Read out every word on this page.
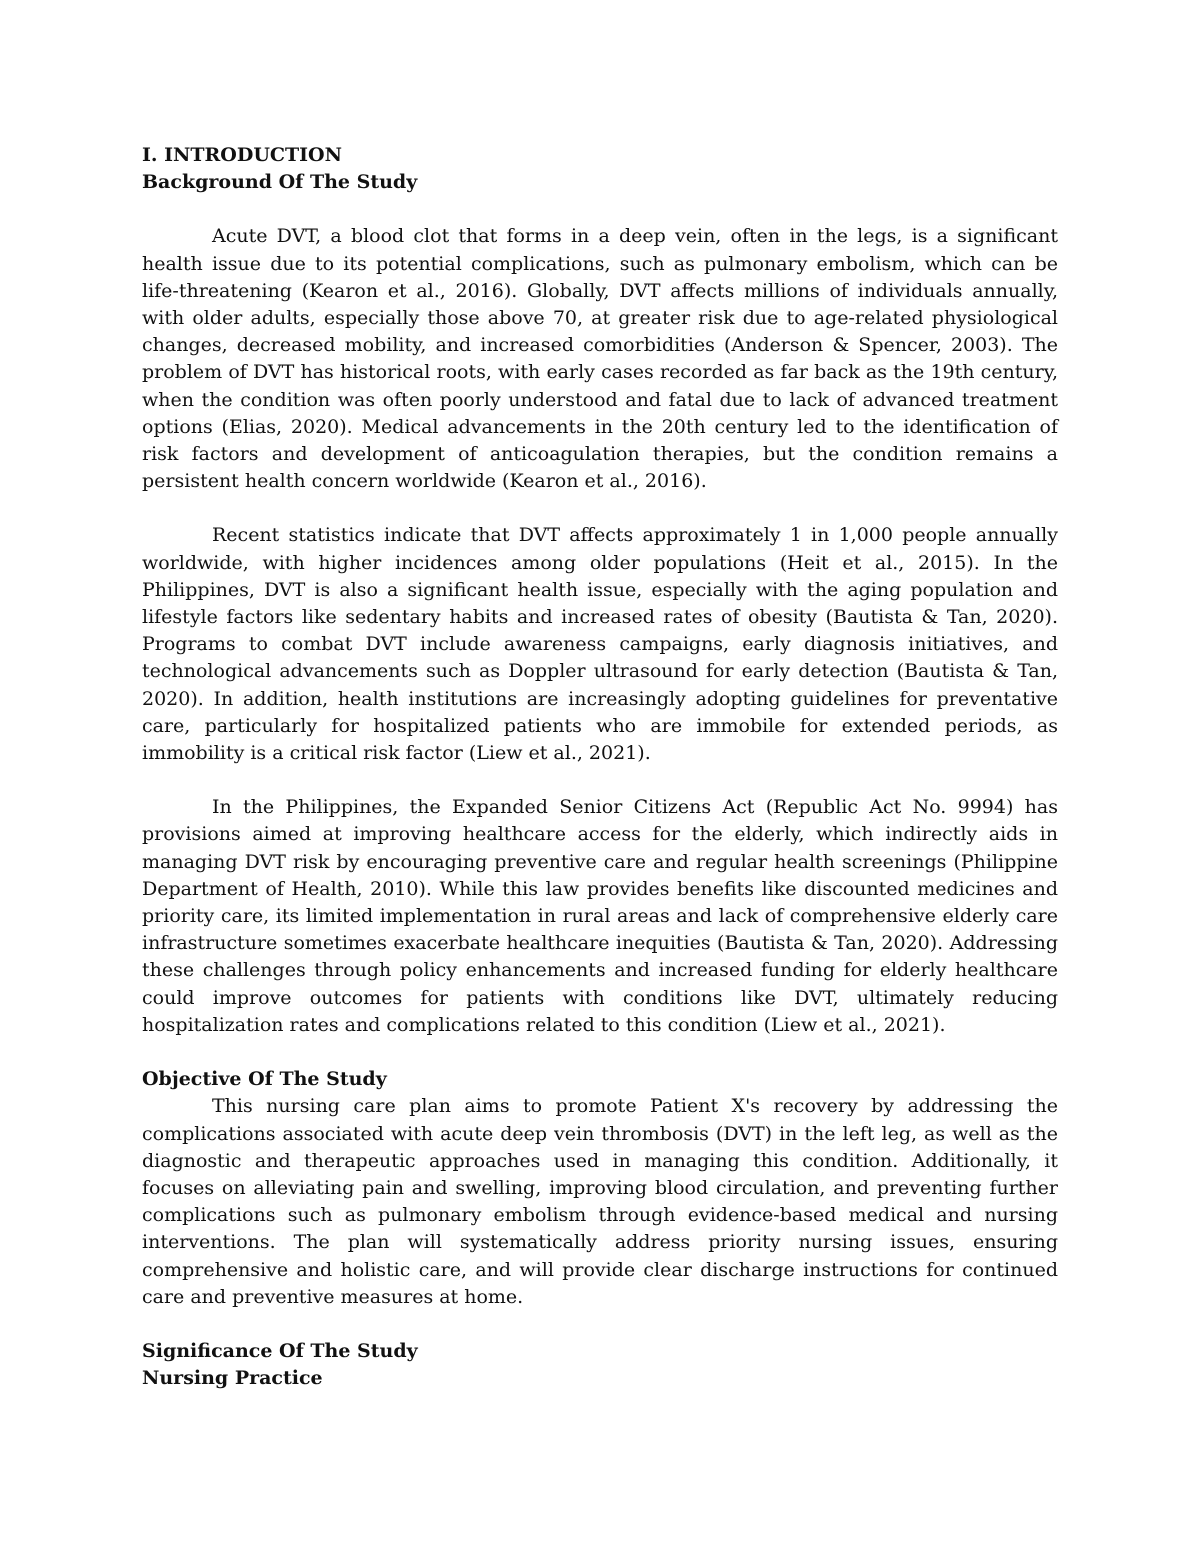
I. INTRODUCTION
Background Of The Study

Acute DVT, a blood clot that forms in a deep vein, often in the legs, is a significant health issue due to its potential complications, such as pulmonary embolism, which can be life-threatening (Kearon et al., 2016). Globally, DVT affects millions of individuals annually, with older adults, especially those above 70, at greater risk due to age-related physiological changes, decreased mobility, and increased comorbidities (Anderson & Spencer, 2003). The problem of DVT has historical roots, with early cases recorded as far back as the 19th century, when the condition was often poorly understood and fatal due to lack of advanced treatment options (Elias, 2020). Medical advancements in the 20th century led to the identification of risk factors and development of anticoagulation therapies, but the condition remains a persistent health concern worldwide (Kearon et al., 2016).

Recent statistics indicate that DVT affects approximately 1 in 1,000 people annually worldwide, with higher incidences among older populations (Heit et al., 2015). In the Philippines, DVT is also a significant health issue, especially with the aging population and lifestyle factors like sedentary habits and increased rates of obesity (Bautista & Tan, 2020). Programs to combat DVT include awareness campaigns, early diagnosis initiatives, and technological advancements such as Doppler ultrasound for early detection (Bautista & Tan, 2020). In addition, health institutions are increasingly adopting guidelines for preventative care, particularly for hospitalized patients who are immobile for extended periods, as immobility is a critical risk factor (Liew et al., 2021).

In the Philippines, the Expanded Senior Citizens Act (Republic Act No. 9994) has provisions aimed at improving healthcare access for the elderly, which indirectly aids in managing DVT risk by encouraging preventive care and regular health screenings (Philippine Department of Health, 2010). While this law provides benefits like discounted medicines and priority care, its limited implementation in rural areas and lack of comprehensive elderly care infrastructure sometimes exacerbate healthcare inequities (Bautista & Tan, 2020). Addressing these challenges through policy enhancements and increased funding for elderly healthcare could improve outcomes for patients with conditions like DVT, ultimately reducing hospitalization rates and complications related to this condition (Liew et al., 2021).

Objective Of The Study

This nursing care plan aims to promote Patient X's recovery by addressing the complications associated with acute deep vein thrombosis (DVT) in the left leg, as well as the diagnostic and therapeutic approaches used in managing this condition. Additionally, it focuses on alleviating pain and swelling, improving blood circulation, and preventing further complications such as pulmonary embolism through evidence-based medical and nursing interventions. The plan will systematically address priority nursing issues, ensuring comprehensive and holistic care, and will provide clear discharge instructions for continued care and preventive measures at home.

Significance Of The Study
Nursing Practice
